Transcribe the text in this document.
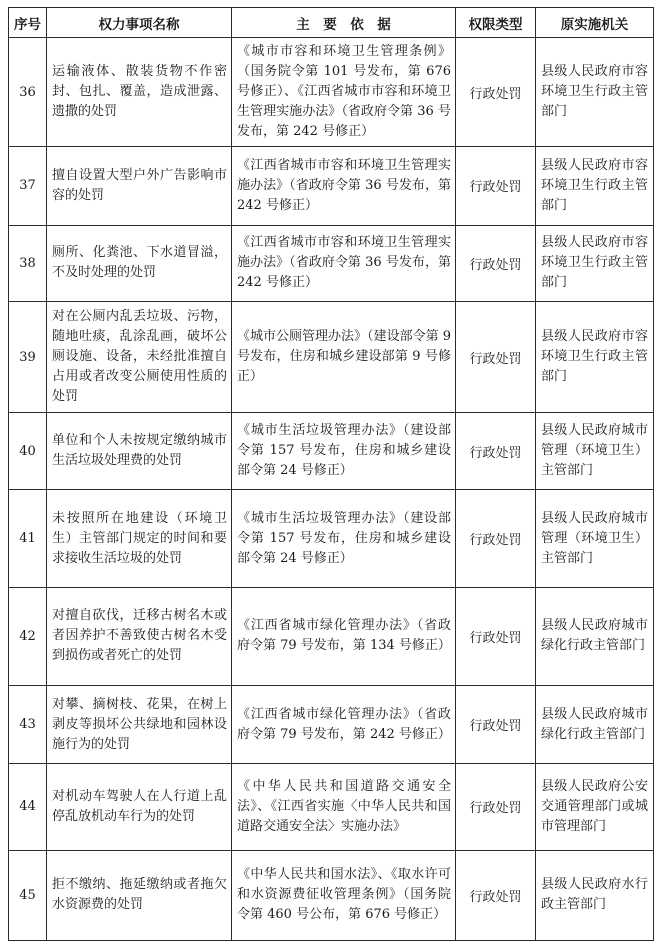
序号	权力事项名称	主　要　依　据	权限类型	原实施机关
36	运输液体、散装货物不作密封、包扎、覆盖，造成泄露、遗撒的处罚	《城市市容和环境卫生管理条例》（国务院令第 101 号发布，第 676 号修正）、《江西省城市市容和环境卫生管理实施办法》（省政府令第 36 号发布，第 242 号修正）	行政处罚	县级人民政府市容环境卫生行政主管部门
37	擅自设置大型户外广告影响市容的处罚	《江西省城市市容和环境卫生管理实施办法》（省政府令第 36 号发布，第 242 号修正）	行政处罚	县级人民政府市容环境卫生行政主管部门
38	厕所、化粪池、下水道冒溢，不及时处理的处罚	《江西省城市市容和环境卫生管理实施办法》（省政府令第 36 号发布，第 242 号修正）	行政处罚	县级人民政府市容环境卫生行政主管部门
39	对在公厕内乱丢垃圾、污物，随地吐痰，乱涂乱画，破坏公厕设施、设备，未经批准擅自占用或者改变公厕使用性质的处罚	《城市公厕管理办法》（建设部令第 9 号发布，住房和城乡建设部第 9 号修正）	行政处罚	县级人民政府市容环境卫生行政主管部门
40	单位和个人未按规定缴纳城市生活垃圾处理费的处罚	《城市生活垃圾管理办法》（建设部令第 157 号发布，住房和城乡建设部令第 24 号修正）	行政处罚	县级人民政府城市管理（环境卫生）主管部门
41	未按照所在地建设（环境卫生）主管部门规定的时间和要求接收生活垃圾的处罚	《城市生活垃圾管理办法》（建设部令第 157 号发布，住房和城乡建设部令第 24 号修正）	行政处罚	县级人民政府城市管理（环境卫生）主管部门
42	对擅自砍伐，迁移古树名木或者因养护不善致使古树名木受到损伤或者死亡的处罚	《江西省城市绿化管理办法》（省政府令第 79 号发布，第 134 号修正）	行政处罚	县级人民政府城市绿化行政主管部门
43	对攀、摘树枝、花果，在树上剥皮等损坏公共绿地和园林设施行为的处罚	《江西省城市绿化管理办法》（省政府令第 79 号发布，第 242 号修正）	行政处罚	县级人民政府城市绿化行政主管部门
44	对机动车驾驶人在人行道上乱停乱放机动车行为的处罚	《中华人民共和国道路交通安全法》、《江西省实施〈中华人民共和国道路交通安全法〉实施办法》	行政处罚	县级人民政府公安交通管理部门或城市管理部门
45	拒不缴纳、拖延缴纳或者拖欠水资源费的处罚	《中华人民共和国水法》、《取水许可和水资源费征收管理条例》（国务院令第 460 号公布，第 676 号修正）	行政处罚	县级人民政府水行政主管部门
